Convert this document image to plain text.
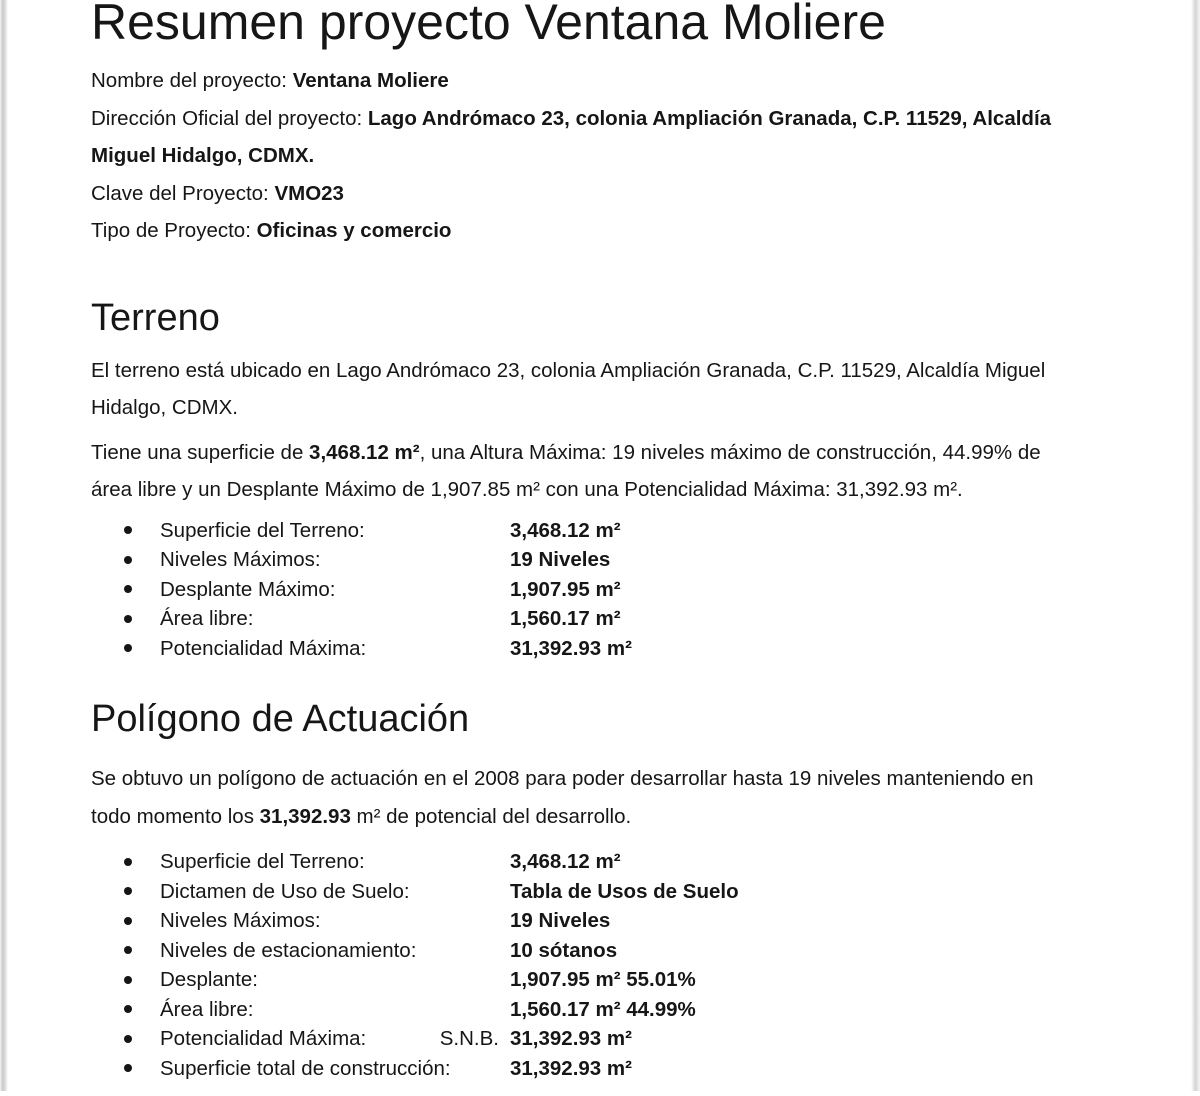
Resumen proyecto Ventana Moliere
Nombre del proyecto: Ventana Moliere
Dirección Oficial del proyecto: Lago Andrómaco 23, colonia Ampliación Granada, C.P. 11529, Alcaldía
Miguel Hidalgo, CDMX.
Clave del Proyecto: VMO23
Tipo de Proyecto: Oficinas y comercio
Terreno
El terreno está ubicado en Lago Andrómaco 23, colonia Ampliación Granada, C.P. 11529, Alcaldía Miguel
Hidalgo, CDMX.
Tiene una superficie de 3,468.12 m², una Altura Máxima: 19 niveles máximo de construcción, 44.99% de
área libre y un Desplante Máximo de 1,907.85 m² con una Potencialidad Máxima: 31,392.93 m².
Superficie del Terreno:	3,468.12 m²
Niveles Máximos:	19 Niveles
Desplante Máximo:	1,907.95 m²
Área libre:	1,560.17 m²
Potencialidad Máxima:	31,392.93 m²
Polígono de Actuación
Se obtuvo un polígono de actuación en el 2008 para poder desarrollar hasta 19 niveles manteniendo en
todo momento los 31,392.93 m² de potencial del desarrollo.
Superficie del Terreno:	3,468.12 m²
Dictamen de Uso de Suelo:	Tabla de Usos de Suelo
Niveles Máximos:	19 Niveles
Niveles de estacionamiento:	10 sótanos
Desplante:	1,907.95 m² 55.01%
Área libre:	1,560.17 m² 44.99%
Potencialidad Máxima:	S.N.B. 31,392.93 m²
Superficie total de construcción:	31,392.93 m²
